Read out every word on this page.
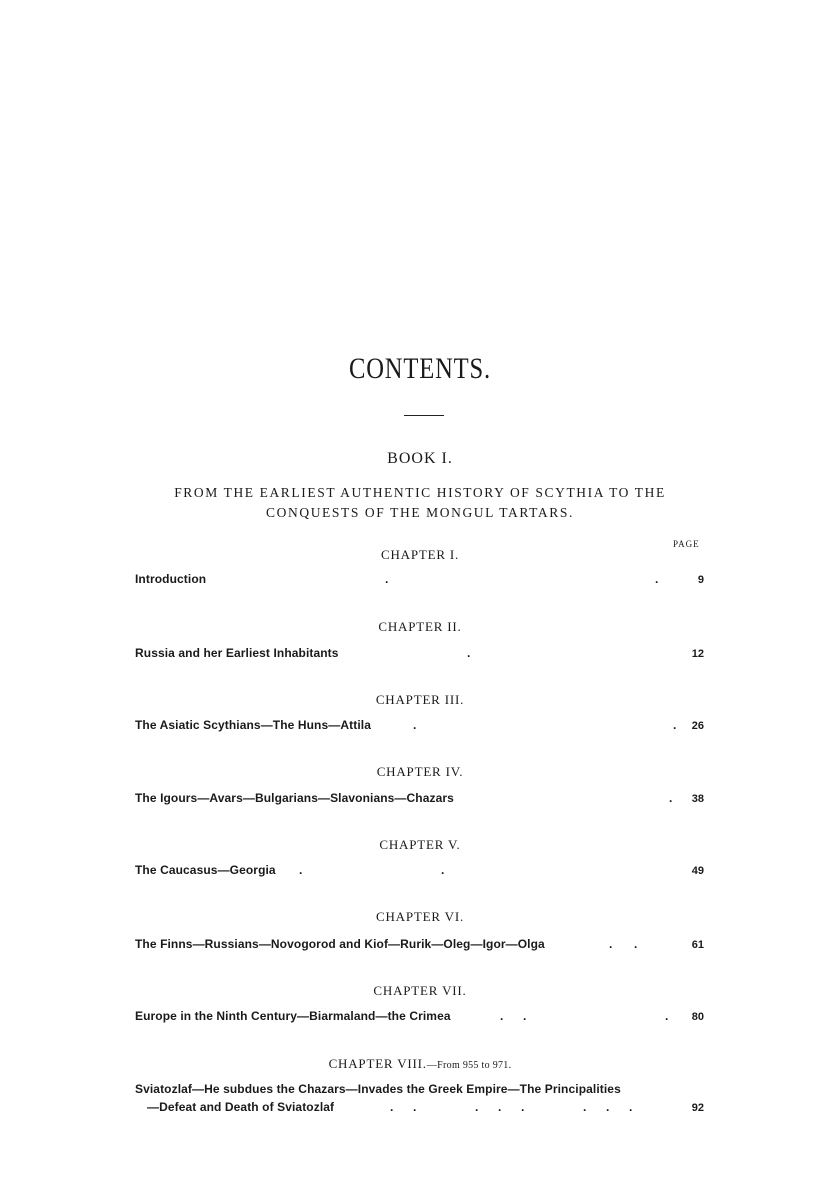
CONTENTS.
BOOK I.
FROM THE EARLIEST AUTHENTIC HISTORY OF SCYTHIA TO THE
CONQUESTS OF THE MONGUL TARTARS.
PAGE
CHAPTER I.
Introduction	.	.	9
CHAPTER II.
Russia and her Earliest Inhabitants	.	12
CHAPTER III.
The Asiatic Scythians—The Huns—Attila	.	.	26
CHAPTER IV.
The Igours—Avars—Bulgarians—Slavonians—Chazars	.	38
CHAPTER V.
The Caucasus—Georgia .	.	49
CHAPTER VI.
The Finns—Russians—Novogorod and Kiof—Rurik—Oleg—Igor—Olga	. .	61
CHAPTER VII.
Europe in the Ninth Century—Biarmaland—the Crimea	. .	.	80
CHAPTER VIII.—From 955 to 971.
Sviatozlaf—He subdues the Chazars—Invades the Greek Empire—The Principalities
—Defeat and Death of Sviatozlaf	. .	. . .	. . .	92
